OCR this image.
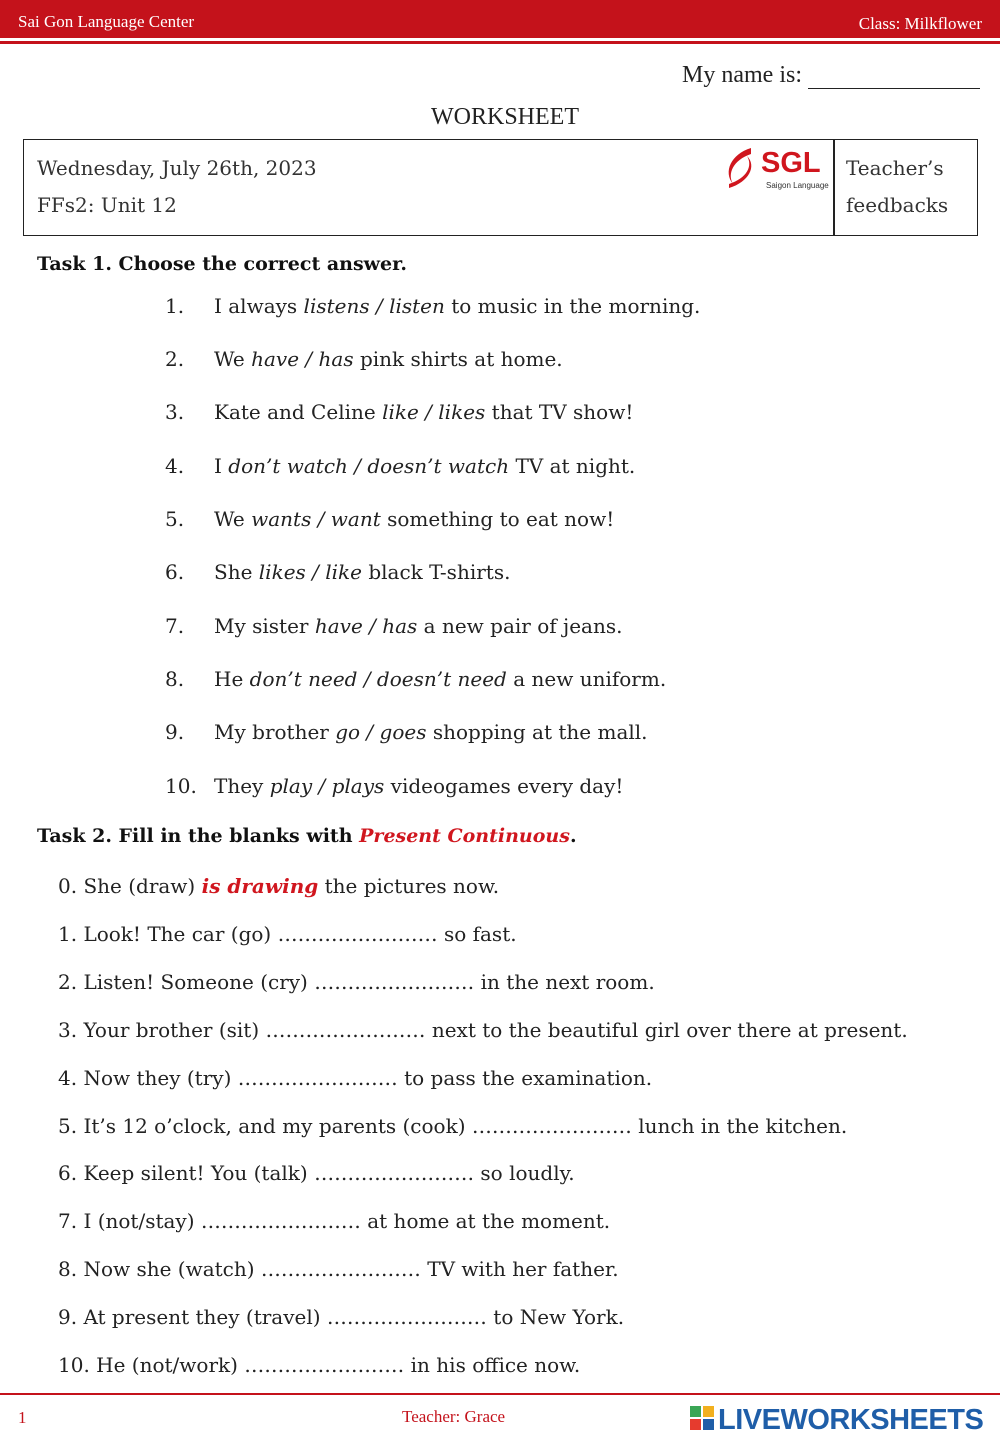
Sai Gon Language Center	Class: Milkflower
My name is:
WORKSHEET
Wednesday, July 26th, 2023
FFs2: Unit 12
SGL
Saigon Language
Teacher’s
feedbacks
Task 1. Choose the correct answer.
1. I always listens / listen to music in the morning.
2. We have / has pink shirts at home.
3. Kate and Celine like / likes that TV show!
4. I don’t watch / doesn’t watch TV at night.
5. We wants / want something to eat now!
6. She likes / like black T-shirts.
7. My sister have / has a new pair of jeans.
8. He don’t need / doesn’t need a new uniform.
9. My brother go / goes shopping at the mall.
10. They play / plays videogames every day!
Task 2. Fill in the blanks with Present Continuous.
0. She (draw) is drawing the pictures now.
1. Look! The car (go) …………………… so fast.
2. Listen! Someone (cry) …………………… in the next room.
3. Your brother (sit) …………………… next to the beautiful girl over there at present.
4. Now they (try) …………………… to pass the examination.
5. It’s 12 o’clock, and my parents (cook) …………………… lunch in the kitchen.
6. Keep silent! You (talk) …………………… so loudly.
7. I (not/stay) …………………… at home at the moment.
8. Now she (watch) …………………… TV with her father.
9. At present they (travel) …………………… to New York.
10. He (not/work) …………………… in his office now.
1	Teacher: Grace	LIVEWORKSHEETS
